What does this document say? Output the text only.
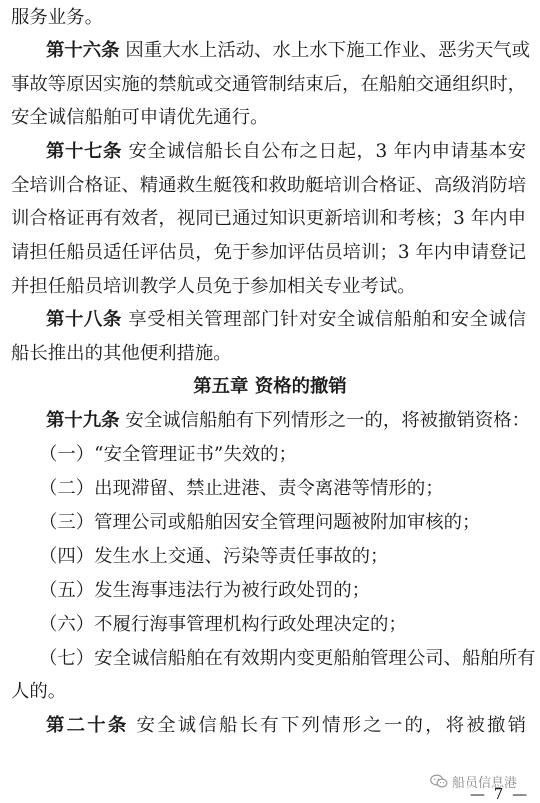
服务业务。
第十六条 因重大水上活动、水上水下施工作业、恶劣天气或
事故等原因实施的禁航或交通管制结束后，在船舶交通组织时，
安全诚信船舶可申请优先通行。
第十七条 安全诚信船长自公布之日起，3 年内申请基本安
全培训合格证、精通救生艇筏和救助艇培训合格证、高级消防培
训合格证再有效者，视同已通过知识更新培训和考核；3 年内申
请担任船员适任评估员，免于参加评估员培训；3 年内申请登记
并担任船员培训教学人员免于参加相关专业考试。
第十八条 享受相关管理部门针对安全诚信船舶和安全诚信
船长推出的其他便利措施。
第五章 资格的撤销
第十九条 安全诚信船舶有下列情形之一的，将被撤销资格：
（一）“安全管理证书”失效的；
（二）出现滞留、禁止进港、责令离港等情形的；
（三）管理公司或船舶因安全管理问题被附加审核的；
（四）发生水上交通、污染等责任事故的；
（五）发生海事违法行为被行政处罚的；
（六）不履行海事管理机构行政处理决定的；
（七）安全诚信船舶在有效期内变更船舶管理公司、船舶所有
人的。
第二十条 安全诚信船长有下列情形之一的，将被撤销
船员信息港
— 7 —
